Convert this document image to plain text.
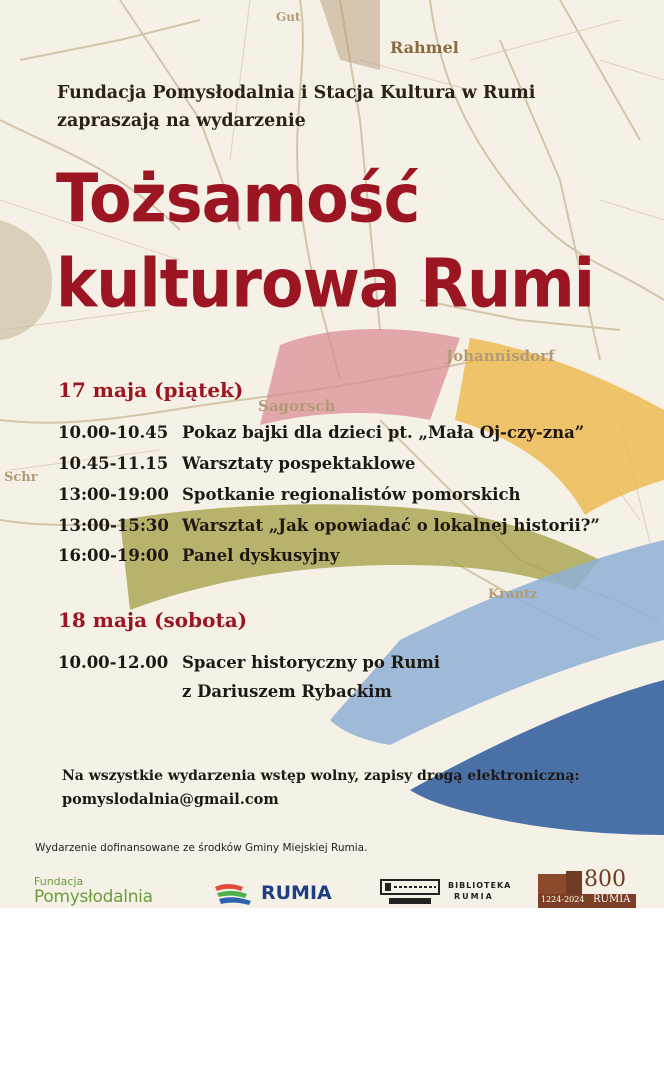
Rahmel
Johannisdorf
Sagorsch
Gut
Krantz
Schr
Fundacja Pomysłodalnia i Stacja Kultura w Rumi
zapraszają na wydarzenie
Tożsamość
kulturowa Rumi
17 maja (piątek)
10.00-10.45 Pokaz bajki dla dzieci pt. „Mała Oj-czy-zna”
10.45-11.15 Warsztaty pospektaklowe
13:00-19:00 Spotkanie regionalistów pomorskich
13:00-15:30 Warsztat „Jak opowiadać o lokalnej historii?”
16:00-19:00 Panel dyskusyjny
18 maja (sobota)
10.00-12.00 Spacer historyczny po Rumi
z Dariuszem Rybackim
Na wszystkie wydarzenia wstęp wolny, zapisy drogą elektroniczną:
pomyslodalnia@gmail.com
Wydarzenie dofinansowane ze środków Gminy Miejskiej Rumia.
Fundacja
Pomysłodalnia	RUMIA	BIBLIOTEKA
RUMIA
800
1224-2024 RUMIA
